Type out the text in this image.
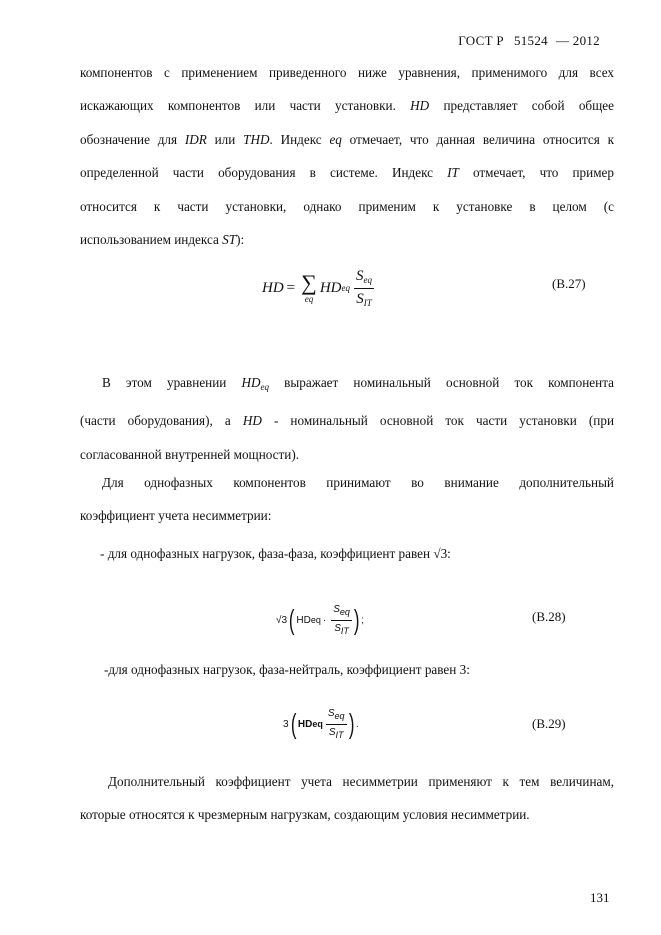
ГОСТ Р 51524 — 2012
компонентов с применением приведенного ниже уравнения, применимого для всех
искажающих компонентов или части установки. HD представляет собой общее
обозначение для IDR или THD. Индекс eq отмечает, что данная величина относится к
определенной части оборудования в системе. Индекс IT отмечает, что пример
относится к части установки, однако применим к установке в целом (с
использованием индекса ST):
HD = ∑
eq
HD eq $\frac{S_{eq}}{S_{IT}}$	(В.27)
В этом уравнении $HD_{eq}$ выражает номинальный основной ток компонента
(части оборудования), а HD - номинальный основной ток части установки (при
согласованной внутренней мощности).
Для однофазных компонентов принимают во внимание дополнительный
коэффициент учета несимметрии:
- для однофазных нагрузок, фаза-фаза, коэффициент равен √3:
√3 ( HD eq · $\frac{S_{eq}}{S_{IT}}$ ) ;	(В.28)
-для однофазных нагрузок, фаза-нейтраль, коэффициент равен 3:
3 ( HD eq $\frac{S_{eq}}{S_{IT}}$ ) .	(В.29)
Дополнительный коэффициент учета несимметрии применяют к тем величинам,
которые относятся к чрезмерным нагрузкам, создающим условия несимметрии.
131
